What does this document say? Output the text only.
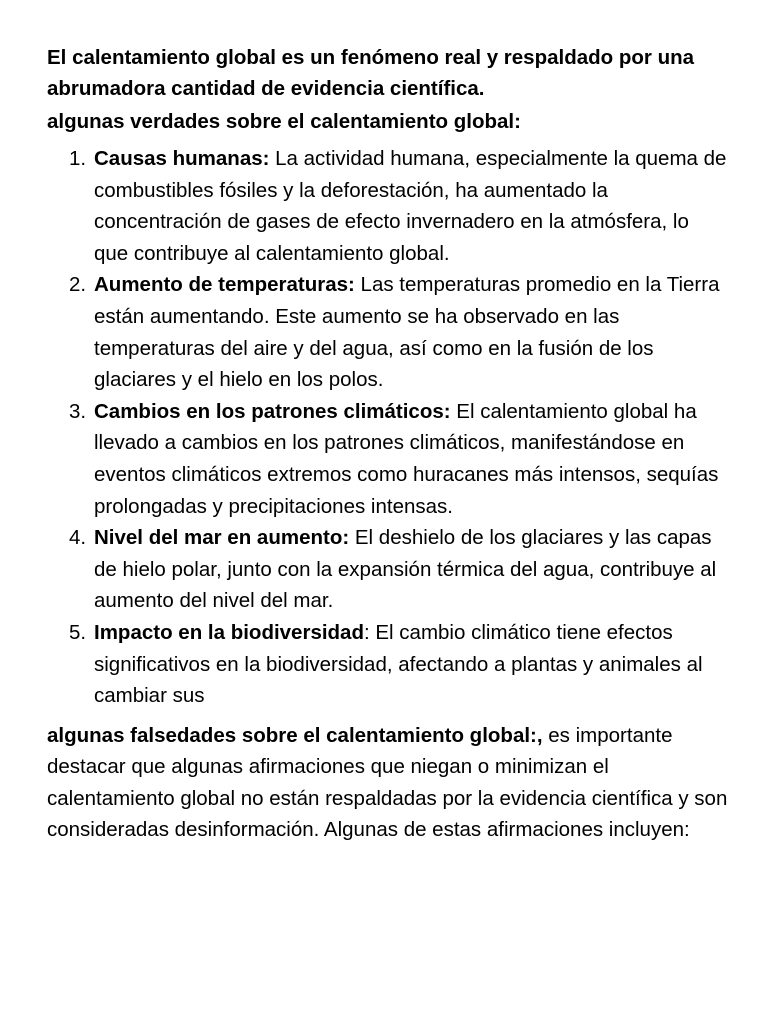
El calentamiento global es un fenómeno real y respaldado por una abrumadora cantidad de evidencia científica.

algunas verdades sobre el calentamiento global:

1. Causas humanas: La actividad humana, especialmente la quema de combustibles fósiles y la deforestación, ha aumentado la concentración de gases de efecto invernadero en la atmósfera, lo que contribuye al calentamiento global.
2. Aumento de temperaturas: Las temperaturas promedio en la Tierra están aumentando. Este aumento se ha observado en las temperaturas del aire y del agua, así como en la fusión de los glaciares y el hielo en los polos.
3. Cambios en los patrones climáticos: El calentamiento global ha llevado a cambios en los patrones climáticos, manifestándose en eventos climáticos extremos como huracanes más intensos, sequías prolongadas y precipitaciones intensas.
4. Nivel del mar en aumento: El deshielo de los glaciares y las capas de hielo polar, junto con la expansión térmica del agua, contribuye al aumento del nivel del mar.
5. Impacto en la biodiversidad: El cambio climático tiene efectos significativos en la biodiversidad, afectando a plantas y animales al cambiar sus

algunas falsedades sobre el calentamiento global:, es importante destacar que algunas afirmaciones que niegan o minimizan el calentamiento global no están respaldadas por la evidencia científica y son consideradas desinformación. Algunas de estas afirmaciones incluyen:
